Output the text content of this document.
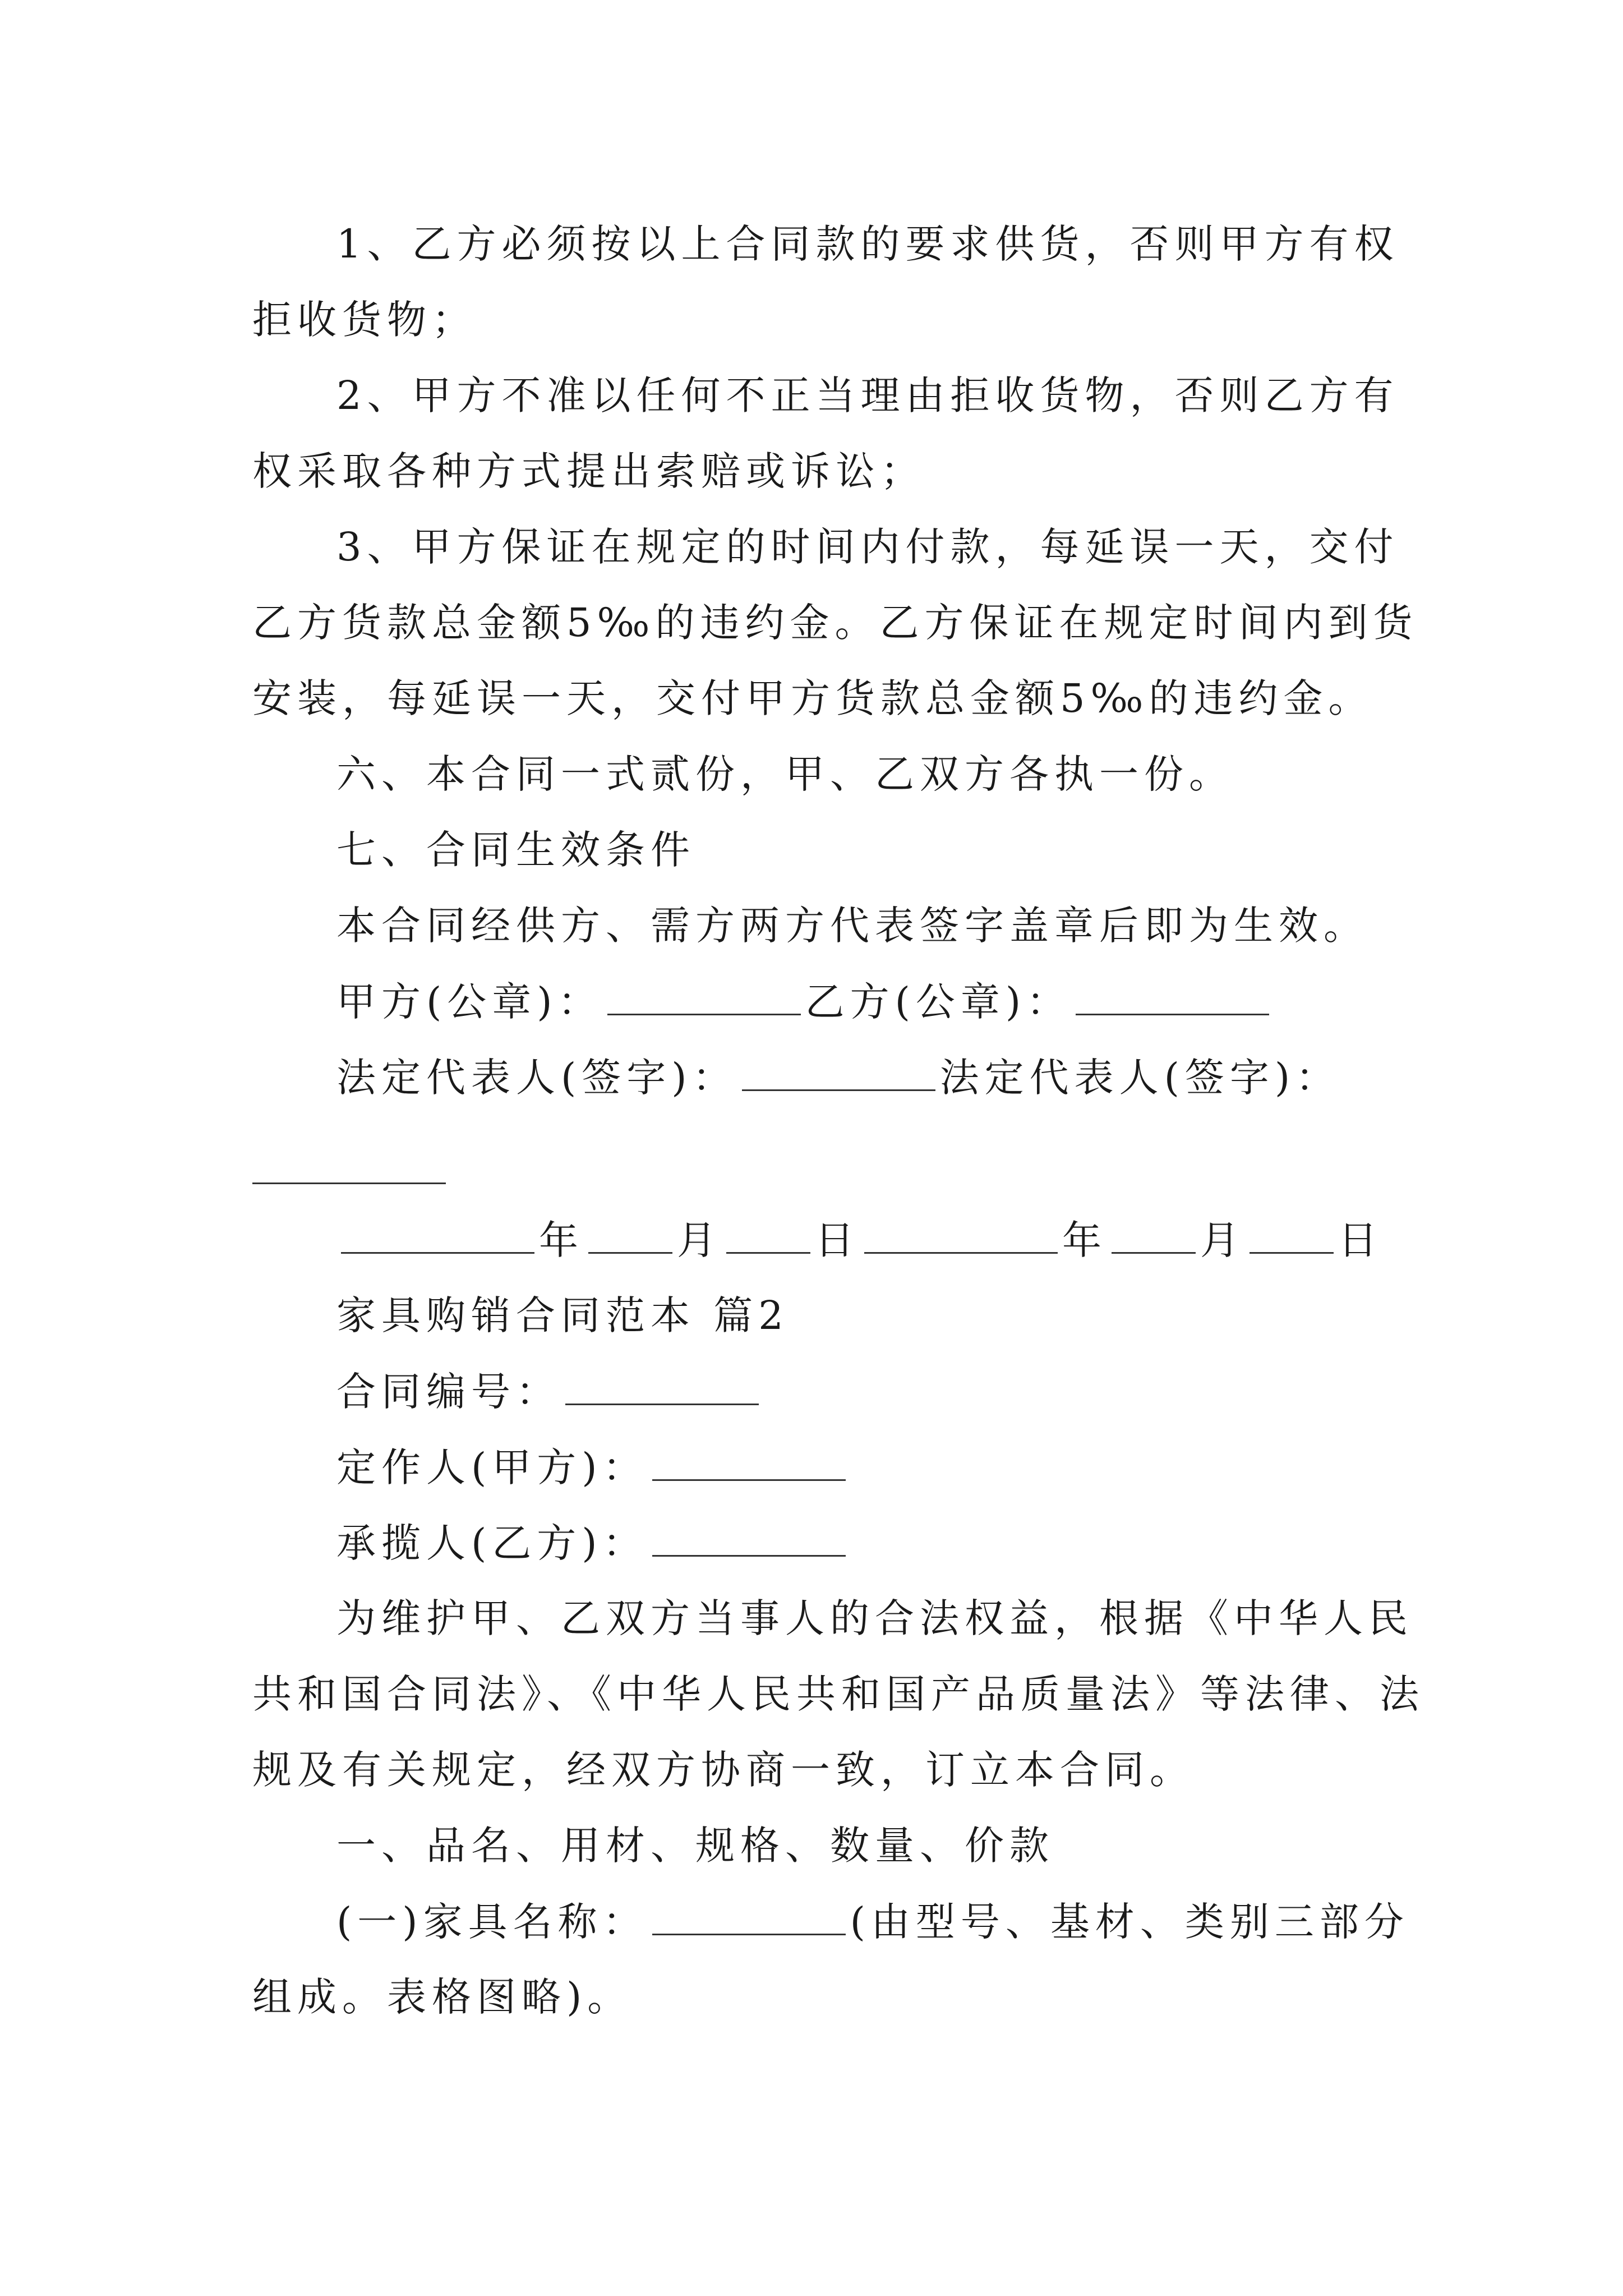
1、乙方必须按以上合同款的要求供货，否则甲方有权
拒收货物；
2、甲方不准以任何不正当理由拒收货物，否则乙方有
权采取各种方式提出索赔或诉讼；
3、甲方保证在规定的时间内付款，每延误一天，交付
乙方货款总金额5‰的违约金。乙方保证在规定时间内到货
安装，每延误一天，交付甲方货款总金额5‰的违约金。
六、本合同一式贰份，甲、乙双方各执一份。
七、合同生效条件
本合同经供方、需方两方代表签字盖章后即为生效。
甲方(公章)：	乙方(公章)：
法定代表人(签字)：	法定代表人(签字)：
年 月 日	年 月 日
家具购销合同范本 篇2
合同编号：
定作人(甲方)：
承揽人(乙方)：
为维护甲、乙双方当事人的合法权益，根据《中华人民
共和国合同法》、《中华人民共和国产品质量法》等法律、法
规及有关规定，经双方协商一致，订立本合同。
一、品名、用材、规格、数量、价款
(一)家具名称：	(由型号、基材、类别三部分
组成。表格图略)。
